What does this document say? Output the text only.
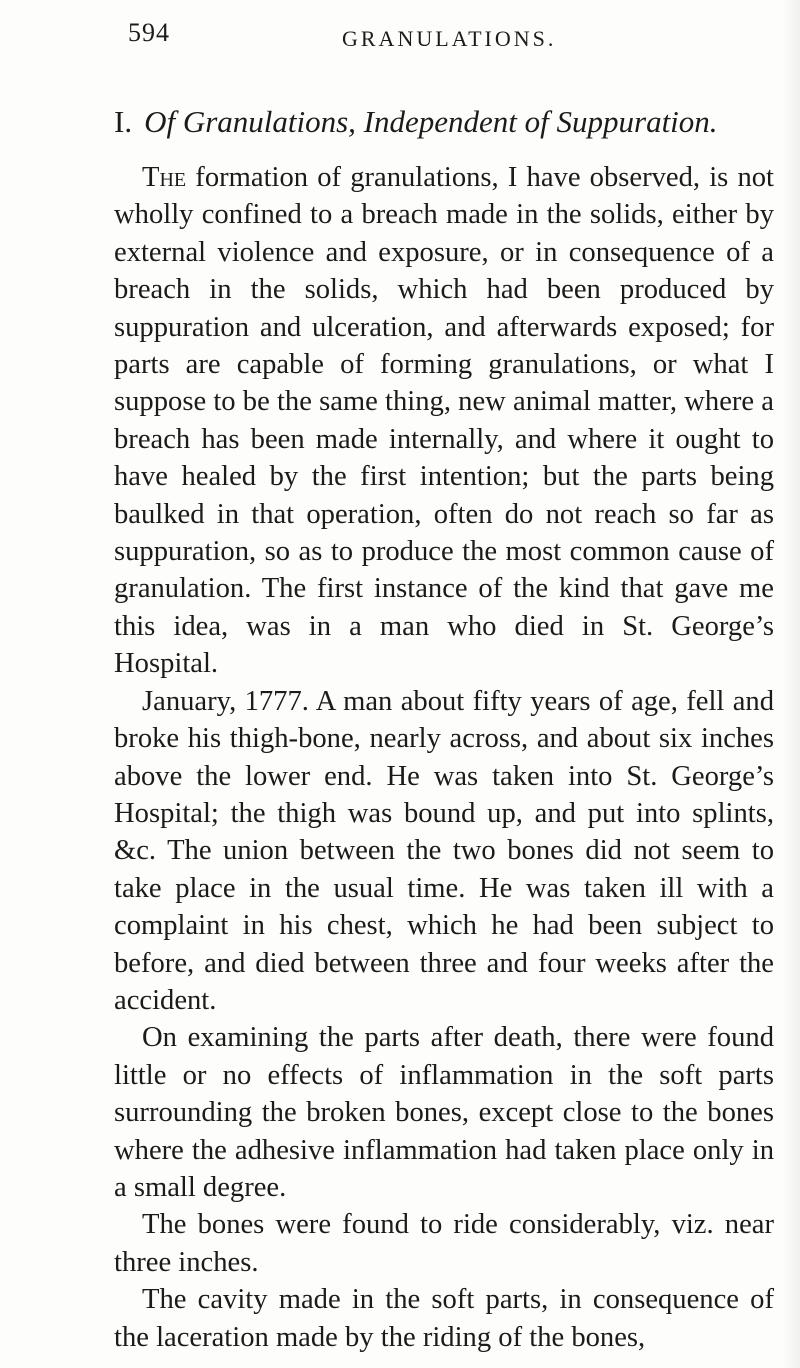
594	GRANULATIONS.
I. Of Granulations, Independent of Suppuration.

The formation of granulations, I have observed, is not wholly confined to a breach made in the solids, either by external violence and exposure, or in consequence of a breach in the solids, which had been produced by suppuration and ulceration, and afterwards exposed; for parts are capable of forming granulations, or what I suppose to be the same thing, new animal matter, where a breach has been made internally, and where it ought to have healed by the first intention; but the parts being baulked in that operation, often do not reach so far as suppuration, so as to produce the most common cause of granulation. The first instance of the kind that gave me this idea, was in a man who died in St. George’s Hospital.

January, 1777. A man about fifty years of age, fell and broke his thigh-bone, nearly across, and about six inches above the lower end. He was taken into St. George’s Hospital; the thigh was bound up, and put into splints, &c. The union between the two bones did not seem to take place in the usual time. He was taken ill with a complaint in his chest, which he had been subject to before, and died between three and four weeks after the accident.

On examining the parts after death, there were found little or no effects of inflammation in the soft parts surrounding the broken bones, except close to the bones where the adhesive inflammation had taken place only in a small degree.

The bones were found to ride considerably, viz. near three inches.

The cavity made in the soft parts, in consequence of the laceration made by the riding of the bones,
